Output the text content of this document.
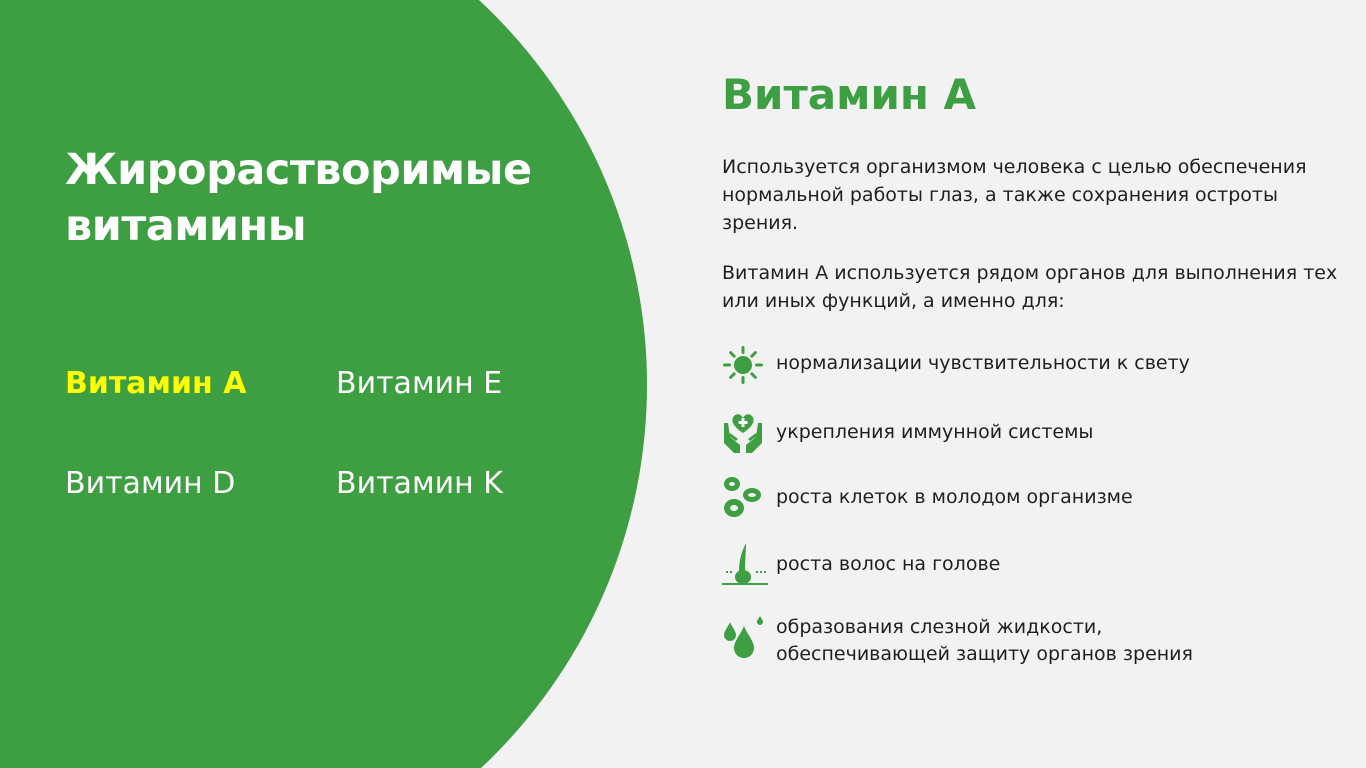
Жирорастворимые
витамины
Витамин A	Витамин E
Витамин D	Витамин K
Витамин A

Используется организмом человека с целью обеспечения нормальной работы глаз, а также сохранения остроты зрения.

Витамин A используется рядом органов для выполнения тех или иных функций, а именно для:

нормализации чувствительности к свету
укрепления иммунной системы
роста клеток в молодом организме
роста волос на голове
образования слезной жидкости,
обеспечивающей защиту органов зрения
